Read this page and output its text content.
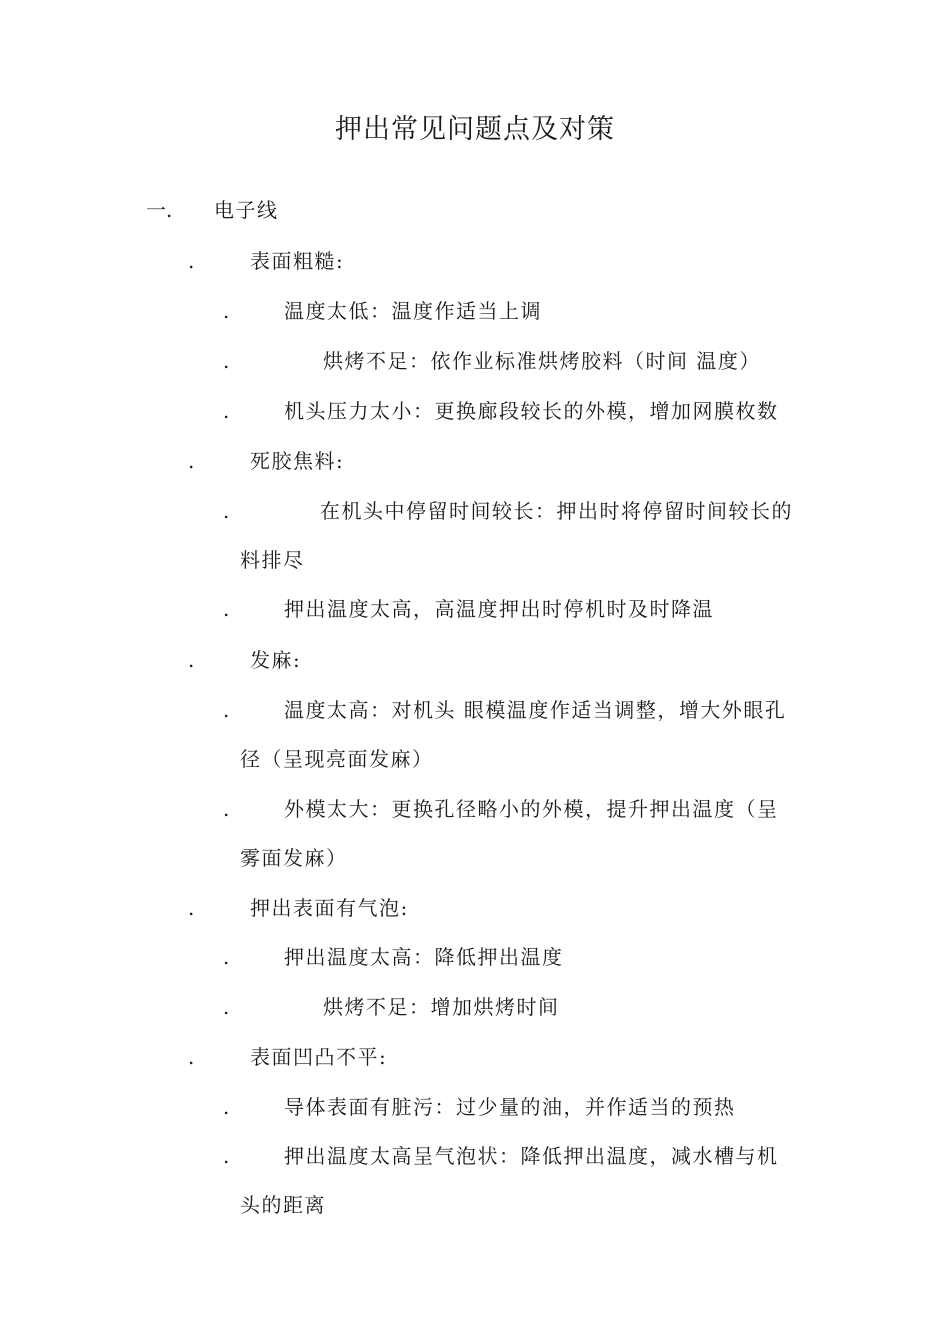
押出常见问题点及对策
一. 电子线
.	表面粗糙:
.	温度太低：温度作适当上调
.	烘烤不足：依作业标准烘烤胶料（时间 温度）
.	机头压力太小：更换廊段较长的外模，增加网膜枚数
.	死胶焦料:
.	在机头中停留时间较长：押出时将停留时间较长的
料排尽
.	押出温度太高，高温度押出时停机时及时降温
.	发麻:
.	温度太高：对机头 眼模温度作适当调整，增大外眼孔
径（呈现亮面发麻）
.	外模太大：更换孔径略小的外模，提升押出温度（呈
雾面发麻）
.	押出表面有气泡:
.	押出温度太高：降低押出温度
.	烘烤不足：增加烘烤时间
.	表面凹凸不平:
.	导体表面有脏污：过少量的油，并作适当的预热
.	押出温度太高呈气泡状：降低押出温度，减水槽与机
头的距离
